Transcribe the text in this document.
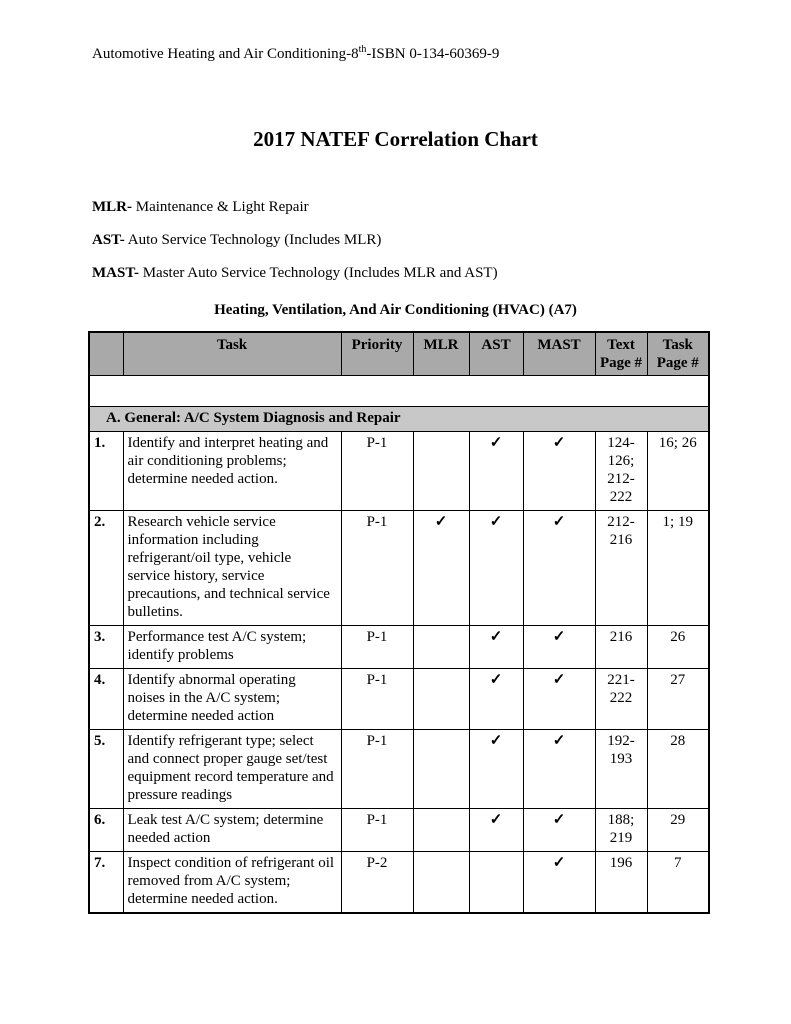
Automotive Heating and Air Conditioning-8th-ISBN 0-134-60369-9
2017 NATEF Correlation Chart
MLR- Maintenance & Light Repair
AST- Auto Service Technology (Includes MLR)
MAST- Master Auto Service Technology (Includes MLR and AST)
Heating, Ventilation, And Air Conditioning (HVAC) (A7)
	Task	Priority	MLR	AST	MAST	Text Page #	Task Page #

A. General: A/C System Diagnosis and Repair							
1.	Identify and interpret heating and air conditioning problems; determine needed action.	P-1		✓	✓	124-126; 212-222	16; 26
2.	Research vehicle service information including refrigerant/oil type, vehicle service history, service precautions, and technical service bulletins.	P-1	✓	✓	✓	212-216	1; 19
3.	Performance test A/C system; identify problems	P-1		✓	✓	216	26
4.	Identify abnormal operating noises in the A/C system; determine needed action	P-1		✓	✓	221-222	27
5.	Identify refrigerant type; select and connect proper gauge set/test equipment record temperature and pressure readings	P-1		✓	✓	192-193	28
6.	Leak test A/C system; determine needed action	P-1		✓	✓	188; 219	29
7.	Inspect condition of refrigerant oil removed from A/C system; determine needed action.	P-2			✓	196	7
